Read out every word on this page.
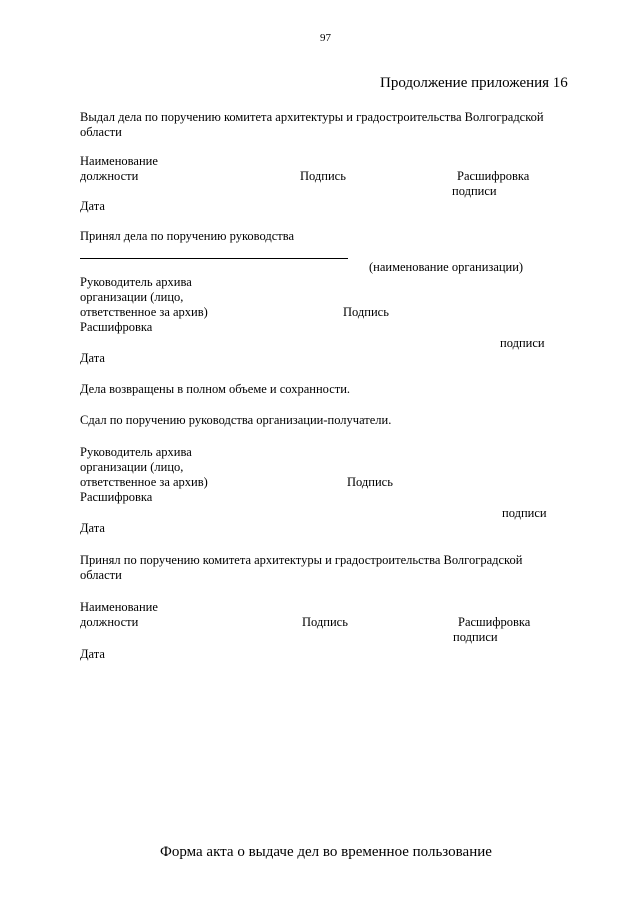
97
Продолжение приложения 16
Выдал дела по поручению комитета архитектуры и градостроительства Волгоградской
области
Наименование
должности	Подпись	Расшифровка
подписи
Дата
Принял дела по поручению руководства
(наименование организации)
Руководитель архива
организации (лицо,
ответственное за архив)	Подпись
Расшифровка
подписи
Дата
Дела возвращены в полном объеме и сохранности.
Сдал по поручению руководства организации-получатели.
Руководитель архива
организации (лицо,
ответственное за архив)	Подпись
Расшифровка
подписи
Дата
Принял по поручению комитета архитектуры и градостроительства Волгоградской
области
Наименование
должности	Подпись	Расшифровка
подписи
Дата
Форма акта о выдаче дел во временное пользование
